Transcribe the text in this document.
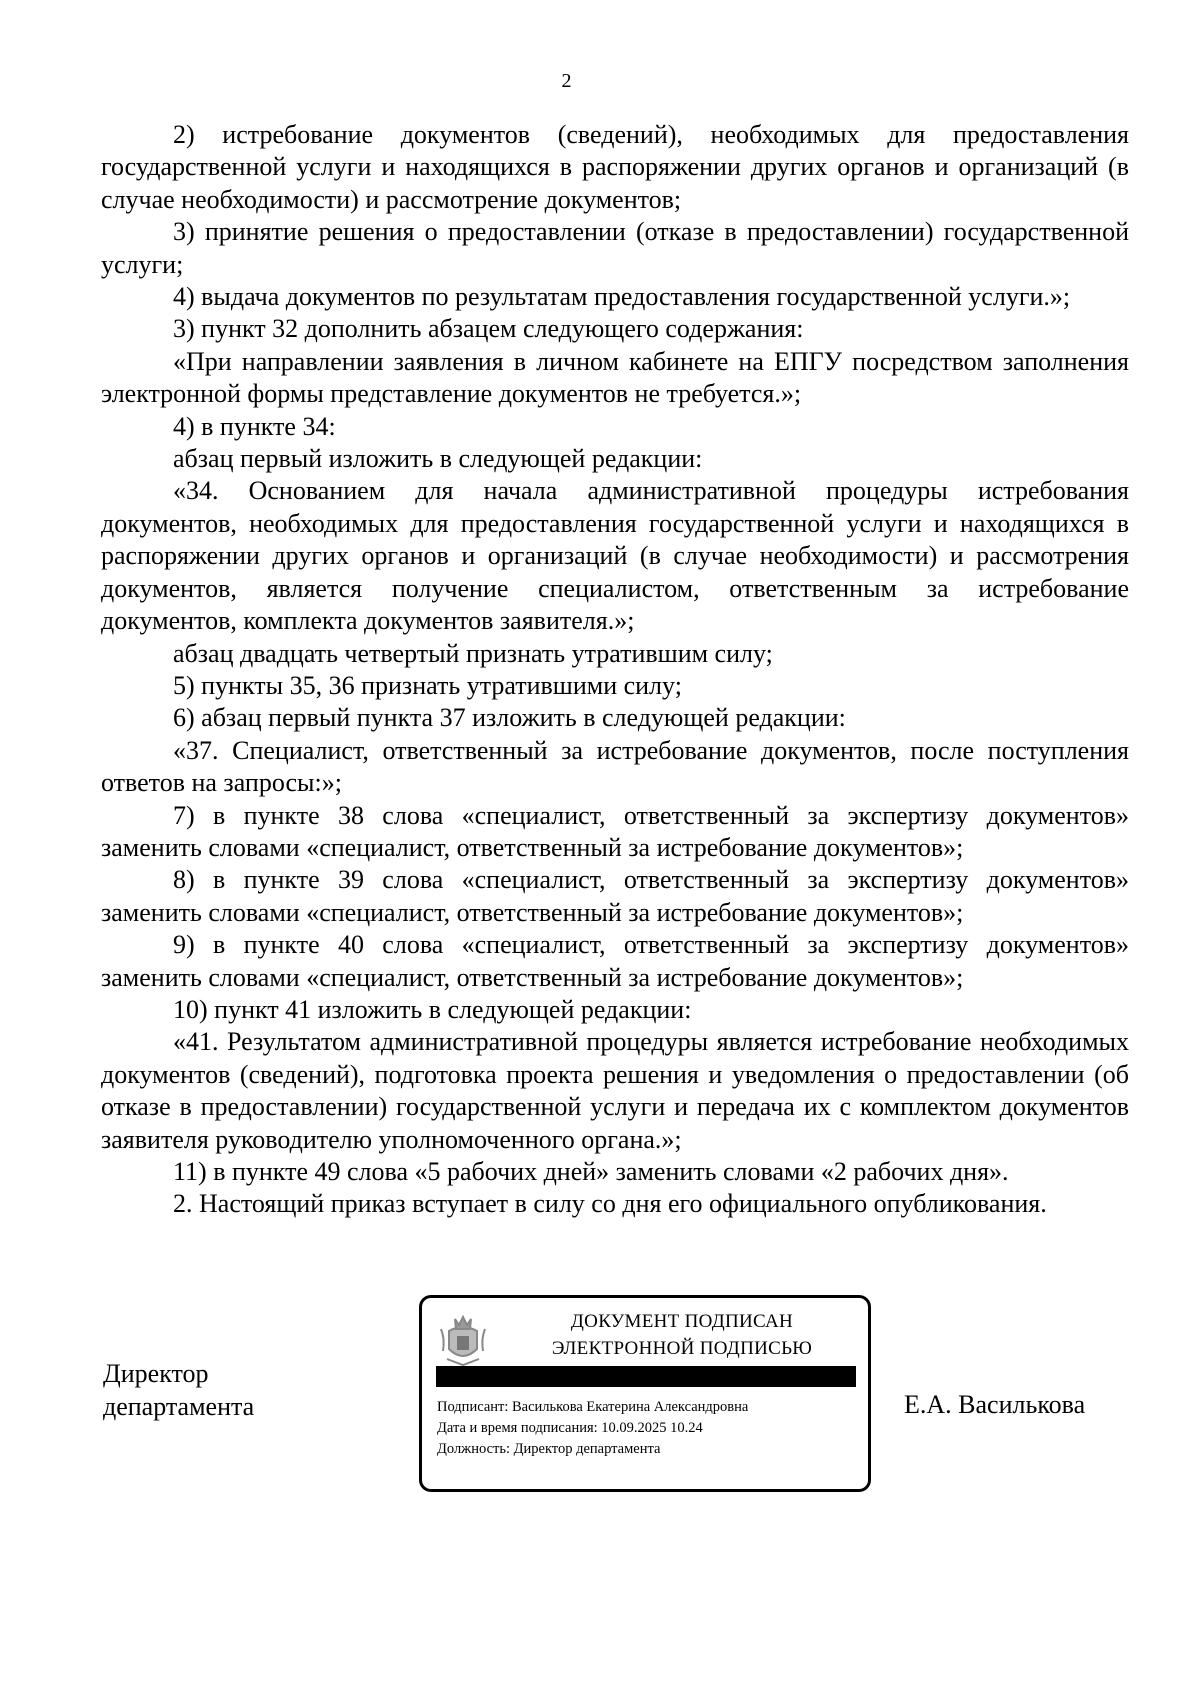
2

2) истребование документов (сведений), необходимых для предоставления государственной услуги и находящихся в распоряжении других органов и организаций (в случае необходимости) и рассмотрение документов;

3) принятие решения о предоставлении (отказе в предоставлении) государственной услуги;

4) выдача документов по результатам предоставления государственной услуги.»;

3) пункт 32 дополнить абзацем следующего содержания:

«При направлении заявления в личном кабинете на ЕПГУ посредством заполнения электронной формы представление документов не требуется.»;

4) в пункте 34:

абзац первый изложить в следующей редакции:

«34. Основанием для начала административной процедуры истребования документов, необходимых для предоставления государственной услуги и находящихся в распоряжении других органов и организаций (в случае необходимости) и рассмотрения документов, является получение специалистом, ответственным за истребование документов, комплекта документов заявителя.»;

абзац двадцать четвертый признать утратившим силу;

5) пункты 35, 36 признать утратившими силу;

6) абзац первый пункта 37 изложить в следующей редакции:

«37. Специалист, ответственный за истребование документов, после поступления ответов на запросы:»;

7) в пункте 38 слова «специалист, ответственный за экспертизу документов» заменить словами «специалист, ответственный за истребование документов»;

8) в пункте 39 слова «специалист, ответственный за экспертизу документов» заменить словами «специалист, ответственный за истребование документов»;

9) в пункте 40 слова «специалист, ответственный за экспертизу документов» заменить словами «специалист, ответственный за истребование документов»;

10) пункт 41 изложить в следующей редакции:

«41. Результатом административной процедуры является истребование необходимых документов (сведений), подготовка проекта решения и уведомления о предоставлении (об отказе в предоставлении) государственной услуги и передача их с комплектом документов заявителя руководителю уполномоченного органа.»;

11) в пункте 49 слова «5 рабочих дней» заменить словами «2 рабочих дня».

2. Настоящий приказ вступает в силу со дня его официального опубликования.

Директор
департамента
ДОКУМЕНТ ПОДПИСАН
ЭЛЕКТРОННОЙ ПОДПИСЬЮ
Подписант: Василькова Екатерина Александровна
Дата и время подписания: 10.09.2025 10.24
Должность: Директор департамента
Е.А. Василькова
